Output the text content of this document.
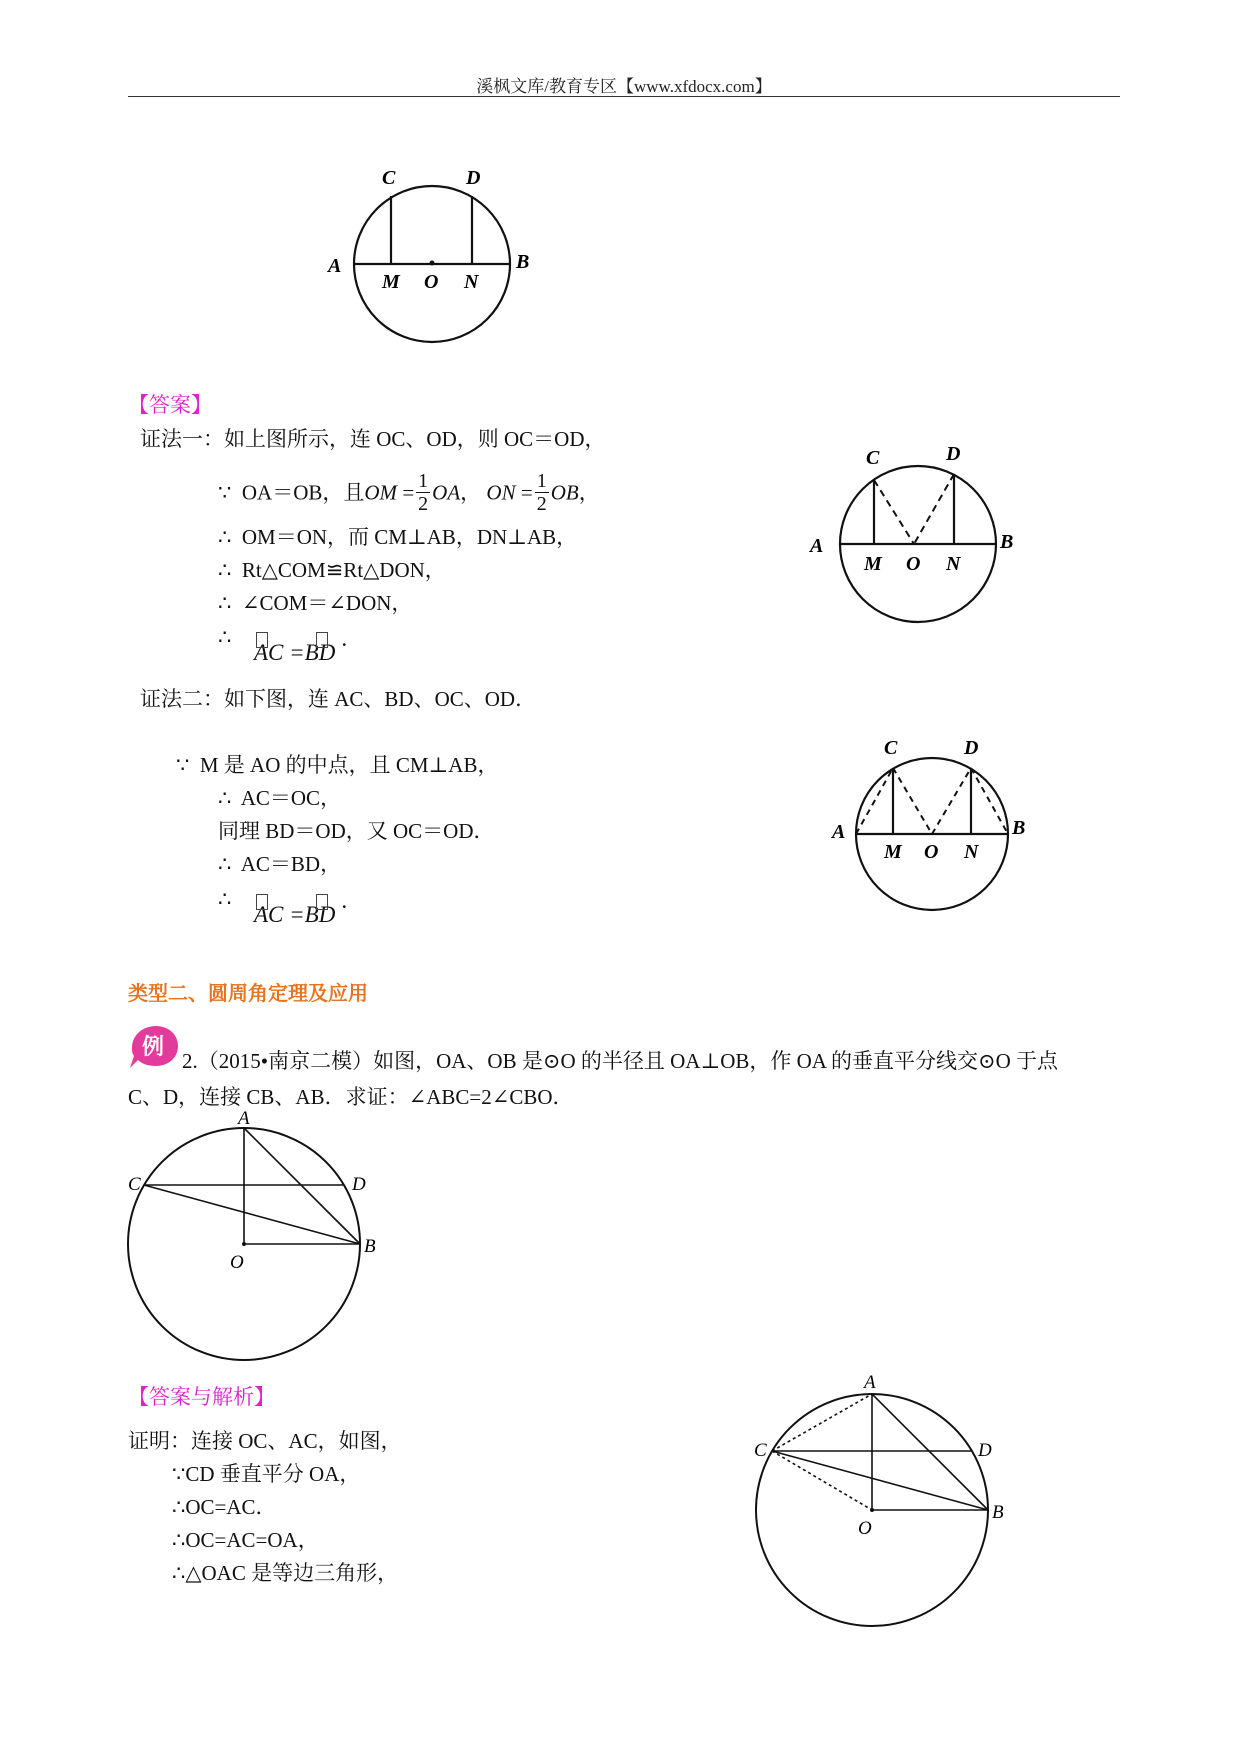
溪枫文库/教育专区【www.xfdocx.com】
C	D
A	B
M O N
【答案】
证法一：如上图所示，连 OC、OD，则 OC＝OD，
∵ OA＝OB，且OM = $\frac{1}{2}$ OA， ON = $\frac{1}{2}$ OB，
∴ OM＝ON，而 CM⊥AB，DN⊥AB，
∴ Rt△COM≌Rt△DON，
∴ ∠COM＝∠DON，
∴
AC =BD.
C	D
A	B
M O N
证法二：如下图，连 AC、BD、OC、OD．
∵ M 是 AO 的中点，且 CM⊥AB，
∴ AC＝OC，
同理 BD＝OD，又 OC＝OD．
∴ AC＝BD，
∴
AC =BD.
C	D
A	B
M O N
类型二、圆周角定理及应用
例
2.（2015•南京二模）如图，OA、OB 是⊙O 的半径且 OA⊥OB，作 OA 的垂直平分线交⊙O 于点
C、D，连接 CB、AB．求证：∠ABC=2∠CBO．
A
C	D
O
B
【答案与解析】
证明：连接 OC、AC，如图，
∵CD 垂直平分 OA，
∴OC=AC．
∴OC=AC=OA，
∴△OAC 是等边三角形，
A
C	D
O
B
